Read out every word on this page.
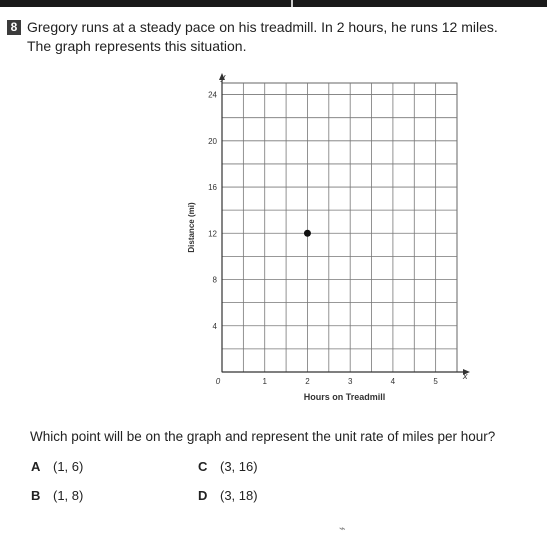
8 Gregory runs at a steady pace on his treadmill. In 2 hours, he runs 12 miles.
The graph represents this situation.
1	2	3	4	5
4
8
12
16
20
24
Hours on Treadmill
Distance (mi)
x
y
0
Which point will be on the graph and represent the unit rate of miles per hour?
A (1, 6)
B (1, 8)
C (3, 16)
D (3, 18)
⌁
